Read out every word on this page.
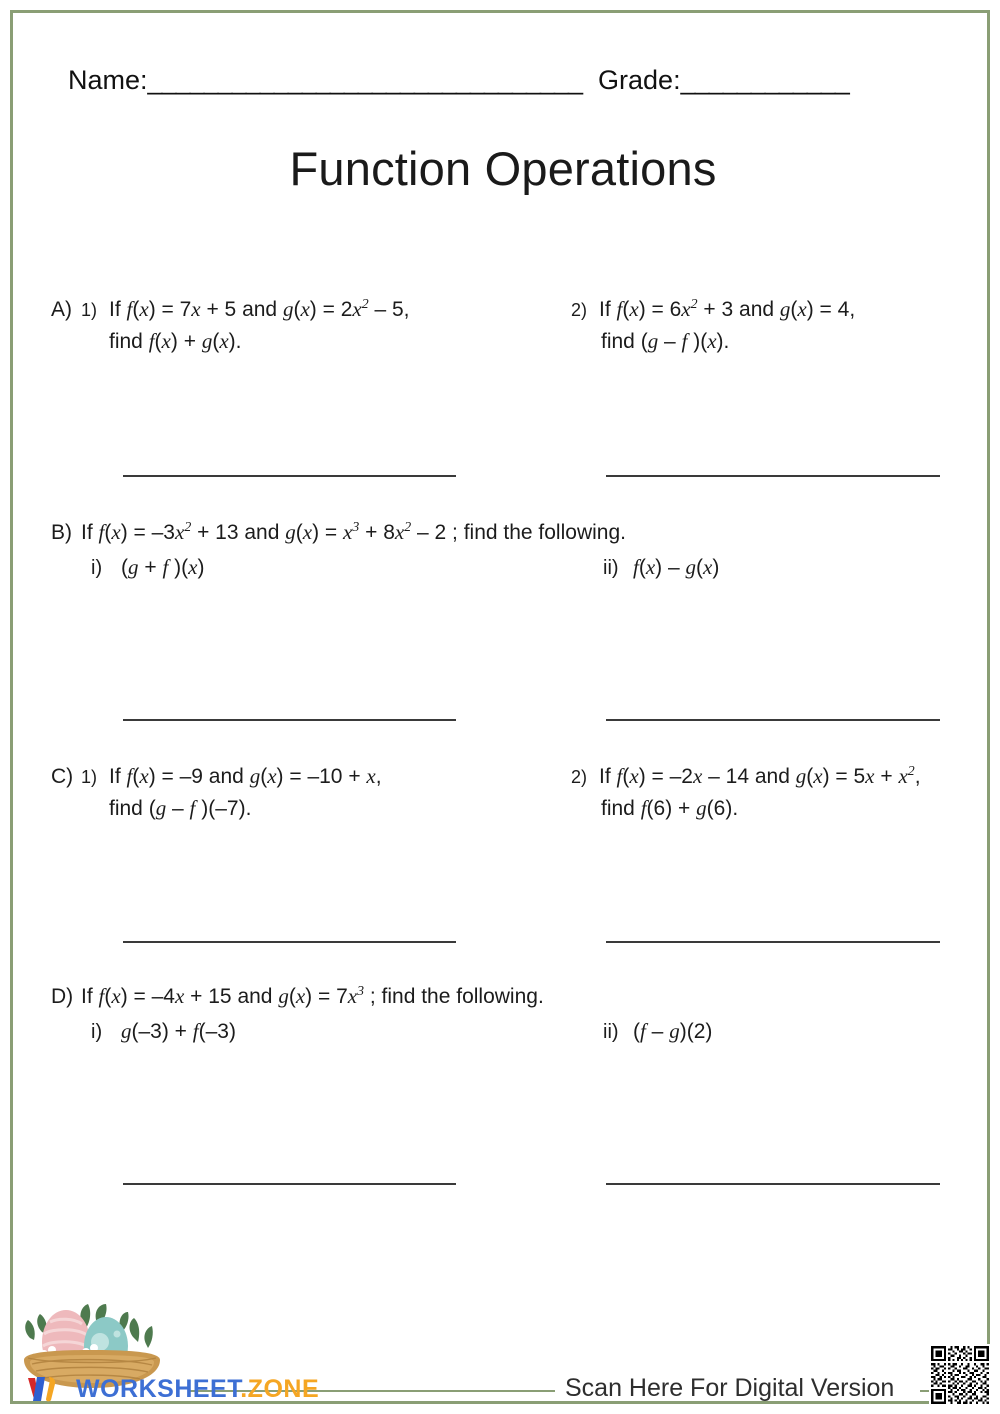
Name:_______________________________ Grade:____________
Function Operations
A) 1) If f(x) = 7x + 5 and $g(x) = 2x^2 - 5$,
find f(x) + g(x).
2) If $f(x) = 6x^2 + 3$ and g(x) = 4,
find (g – f )(x).
B) If $f(x) = -3x^2 + 13$ and $g(x) = x^3 + 8x^2 - 2$ ; find the following.
i) (g + f )(x)	ii) f(x) – g(x)
C) 1) If f(x) = –9 and g(x) = –10 + x,
find (g – f )(–7).
2) If f(x) = –2x – 14 and $g(x) = 5x + x^2$,
find f(6) + g(6).
D) If f(x) = –4x + 15 and $g(x) = 7x^3$ ; find the following.
i) g(–3) + f(–3)	ii) (f – g)(2)
WORKSHEET.ZONE	Scan Here For Digital Version
